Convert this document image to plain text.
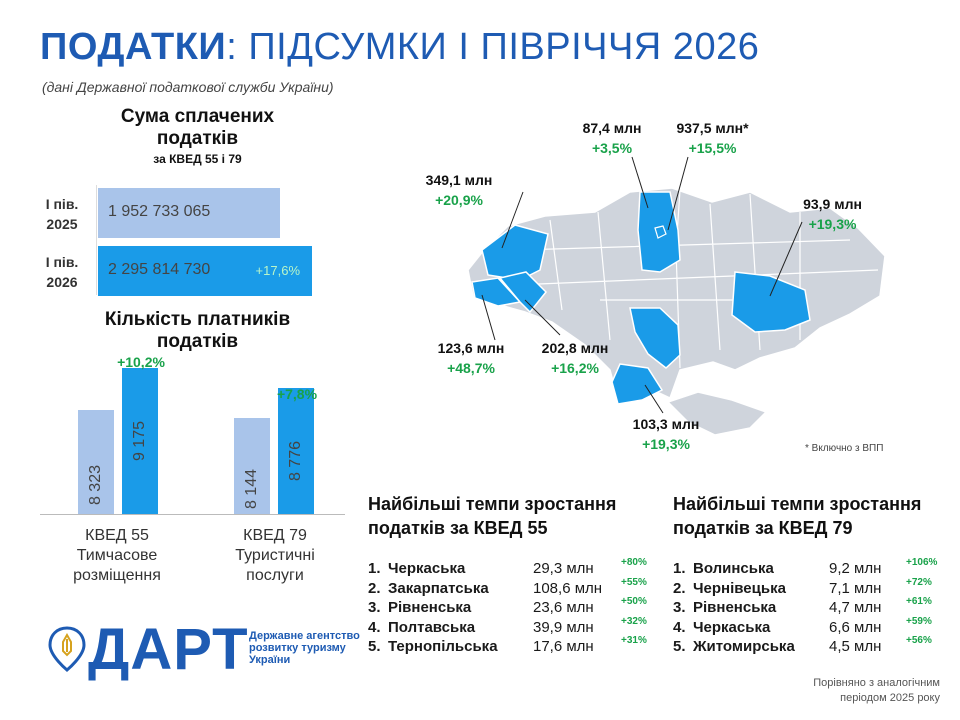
ПОДАТКИ: ПІДСУМКИ І ПІВРІЧЧЯ 2026
(дані Державної податкової служби України)
Сума сплачених податків
за КВЕД 55 і 79
І пів.
2025
І пів.
2026
1 952 733 065
2 295 814 730	+17,6%
Кількість платників податків
8 323
9 175
8 144
8 776
+10,2%
+7,8%
КВЕД 55
Тимчасове
розміщення
КВЕД 79
Туристичні
послуги
87,4 млн
+3,5%
937,5 млн*
+15,5%
349,1 млн
+20,9%	93,9 млн
+19,3%
123,6 млн
+48,7%
202,8 млн
+16,2%
103,3 млн
+19,3%	* Включно з ВПП
Найбільші темпи зростання
податків за КВЕД 55
1. Черкаська	29,3 млн	+80%
2. Закарпатська	108,6 млн +55%
3. Рівненська	23,6 млн	+50%
4. Полтавська	39,9 млн	+32%
5. Тернопільська 17,6 млн	+31%
Найбільші темпи зростання
податків за КВЕД 79
1. Волинська	9,2 млн +106%
2. Чернівецька	7,1 млн +72%
3. Рівненська	4,7 млн +61%
4. Черкаська	6,6 млн +59%
5. Житомирська 4,5 млн +56%
ДАРТ Державне агентство
розвитку туризму
України
Порівняно з аналогічним
періодом 2025 року
